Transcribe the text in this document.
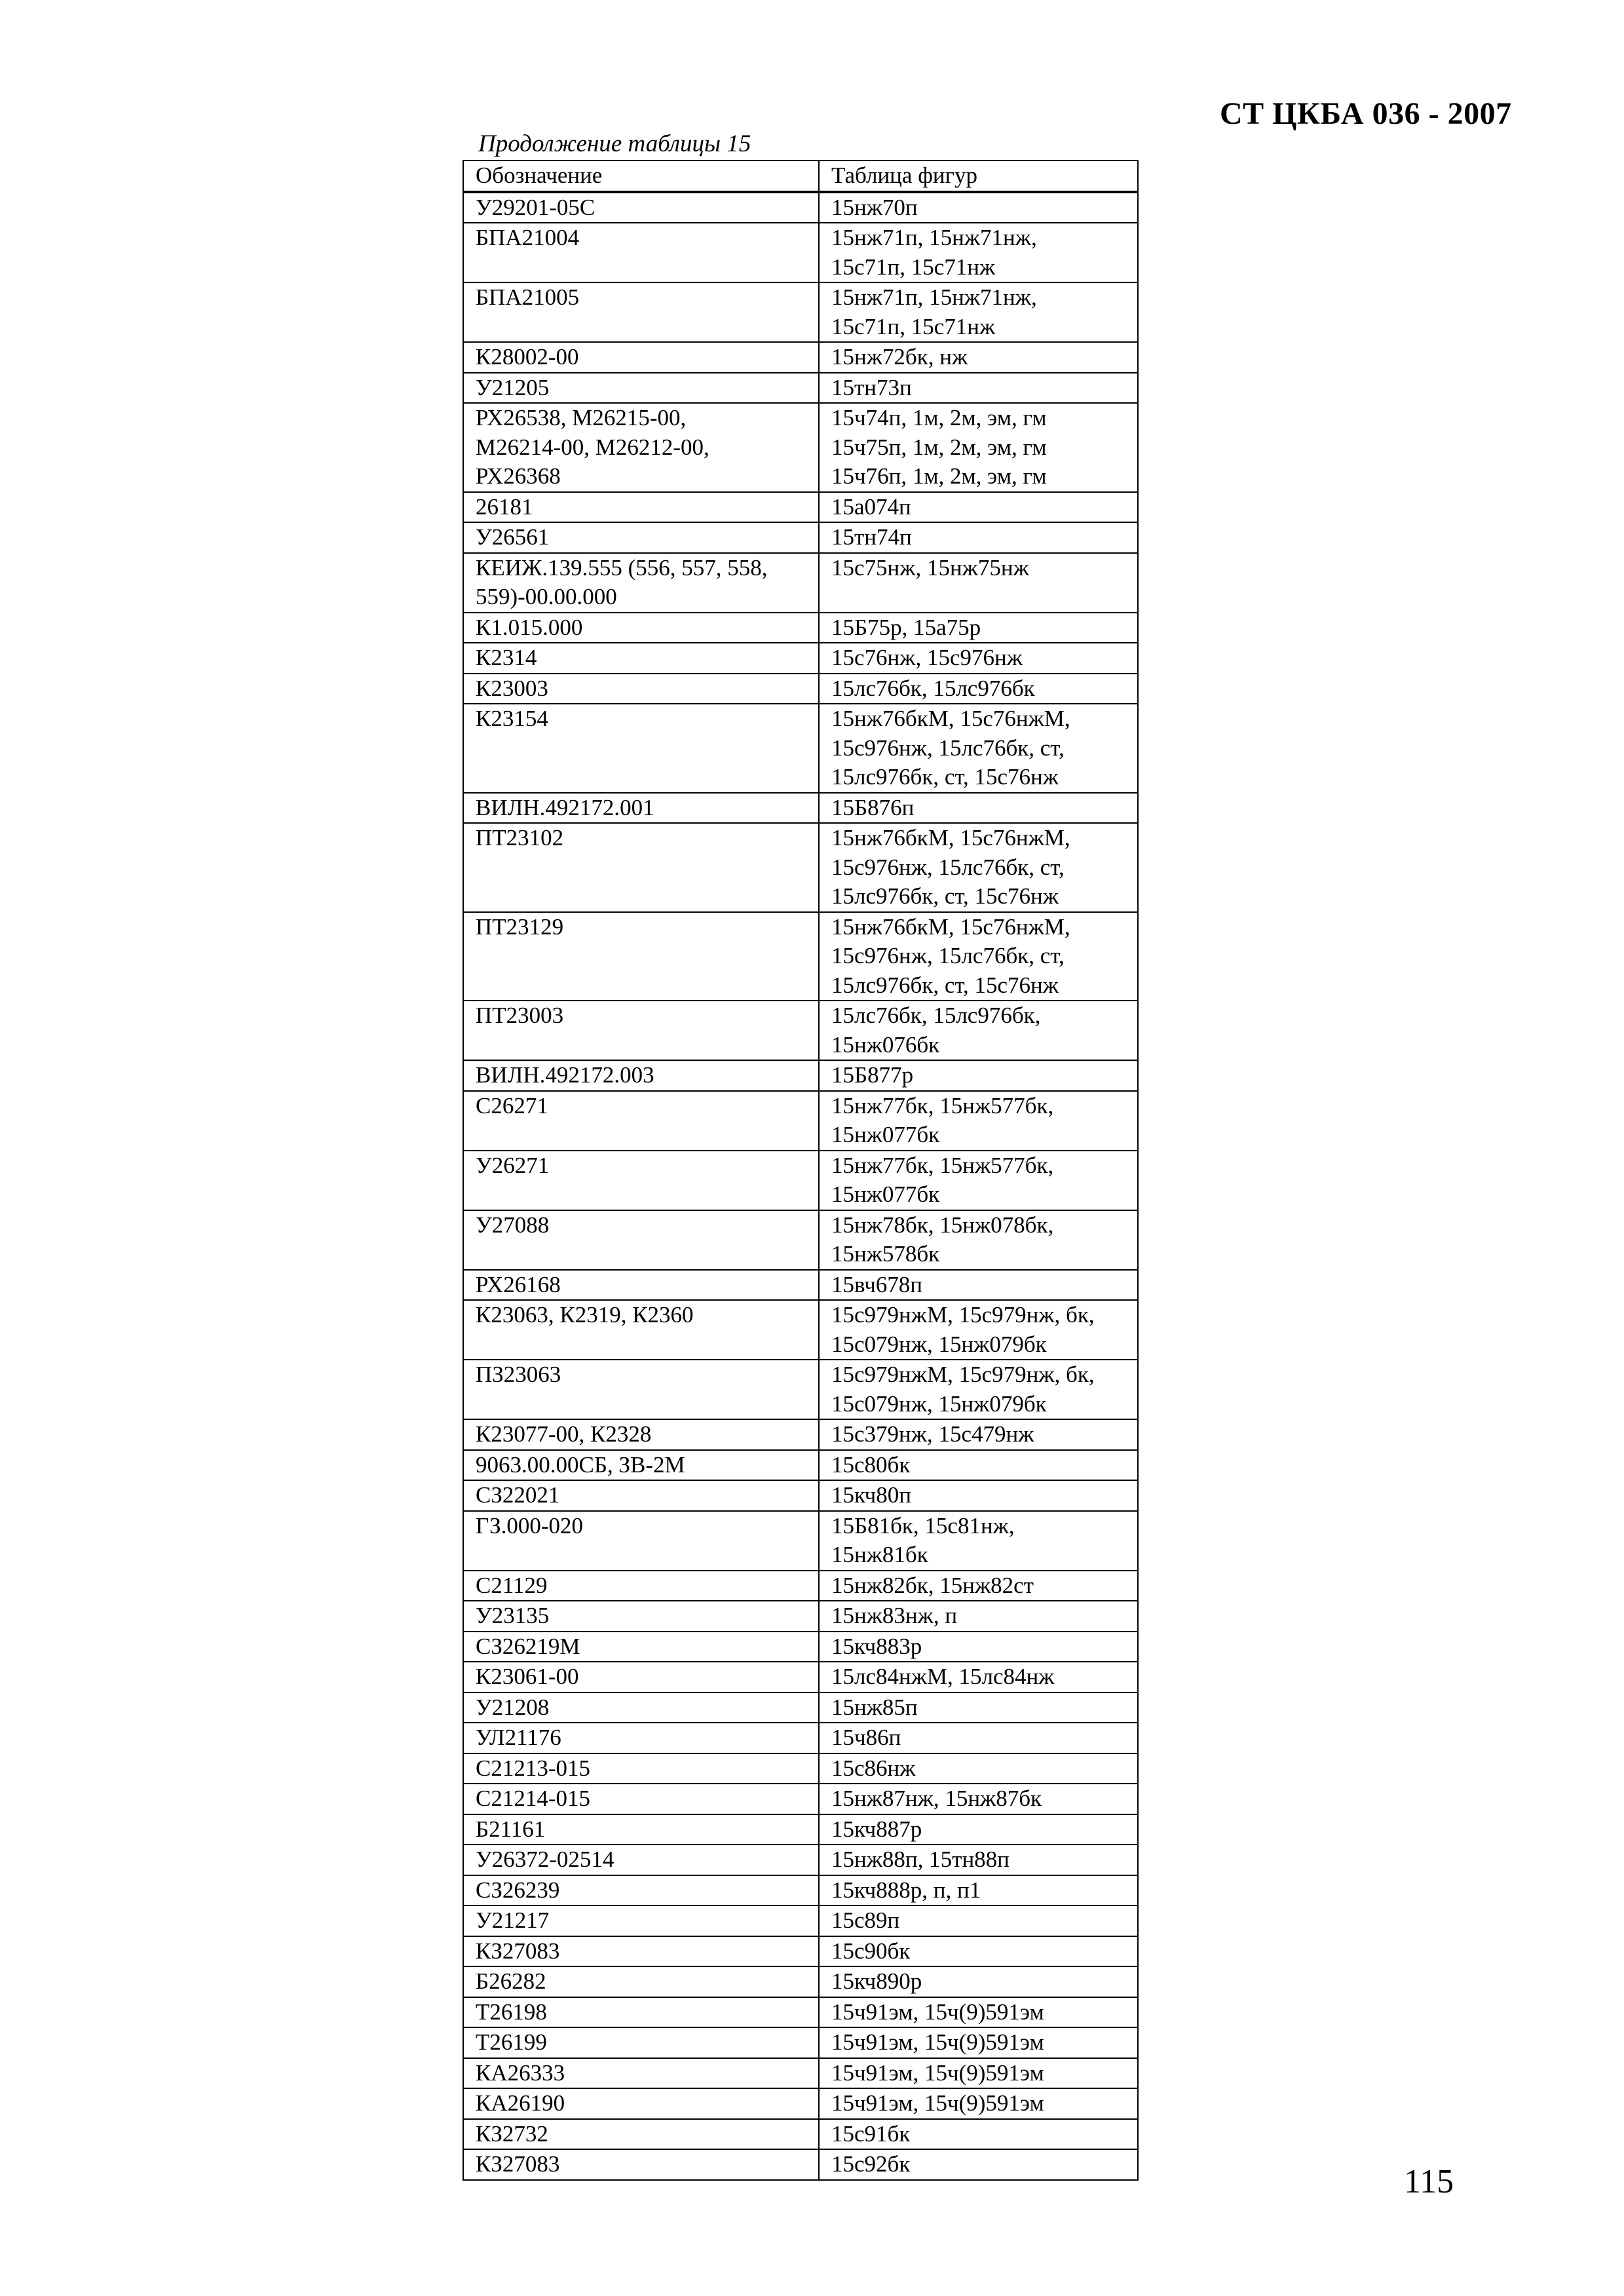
СТ ЦКБА 036 - 2007
Продолжение таблицы 15
Обозначение	Таблица фигур

У29201-05С	15нж70п

БПА21004	15нж71п, 15нж71нж,
15с71п, 15с71нж

БПА21005	15нж71п, 15нж71нж,
15с71п, 15с71нж

К28002-00	15нж72бк, нж

У21205	15тн73п

РХ26538, М26215-00,
М26214-00, М26212-00,
РХ26368	15ч74п, 1м, 2м, эм, гм
15ч75п, 1м, 2м, эм, гм
15ч76п, 1м, 2м, эм, гм

26181	15а074п

У26561	15тн74п

КЕИЖ.139.555 (556, 557, 558,
559)-00.00.000	15с75нж, 15нж75нж

К1.015.000	15Б75р, 15а75р

К2314	15с76нж, 15с976нж

К23003	15лс76бк, 15лс976бк

К23154	15нж76бкМ, 15с76нжМ,
15с976нж, 15лс76бк, ст,
15лс976бк, ст, 15с76нж

ВИЛН.492172.001	15Б876п

ПТ23102	15нж76бкМ, 15с76нжМ,
15с976нж, 15лс76бк, ст,
15лс976бк, ст, 15с76нж

ПТ23129	15нж76бкМ, 15с76нжМ,
15с976нж, 15лс76бк, ст,
15лс976бк, ст, 15с76нж

ПТ23003	15лс76бк, 15лс976бк,
15нж076бк

ВИЛН.492172.003	15Б877р

С26271	15нж77бк, 15нж577бк,
15нж077бк

У26271	15нж77бк, 15нж577бк,
15нж077бк

У27088	15нж78бк, 15нж078бк,
15нж578бк

РХ26168	15вч678п

К23063, К2319, К2360	15с979нжМ, 15с979нж, бк,
15с079нж, 15нж079бк

ПЗ23063	15с979нжМ, 15с979нж, бк,
15с079нж, 15нж079бк

К23077-00, К2328	15с379нж, 15с479нж

9063.00.00СБ, ЗВ-2М	15с80бк

СЗ22021	15кч80п

ГЗ.000-020	15Б81бк, 15с81нж,
15нж81бк

С21129	15нж82бк, 15нж82ст

У23135	15нж83нж, п

СЗ26219М	15кч883р

К23061-00	15лс84нжМ, 15лс84нж

У21208	15нж85п

УЛ21176	15ч86п

С21213-015	15с86нж

С21214-015	15нж87нж, 15нж87бк

Б21161	15кч887р

У26372-02514	15нж88п, 15тн88п

СЗ26239	15кч888р, п, п1

У21217	15с89п

КЗ27083	15с90бк

Б26282	15кч890р

Т26198	15ч91эм, 15ч(9)591эм

Т26199	15ч91эм, 15ч(9)591эм

КА26333	15ч91эм, 15ч(9)591эм

КА26190	15ч91эм, 15ч(9)591эм

КЗ2732	15с91бк

КЗ27083	15с92бк	115
